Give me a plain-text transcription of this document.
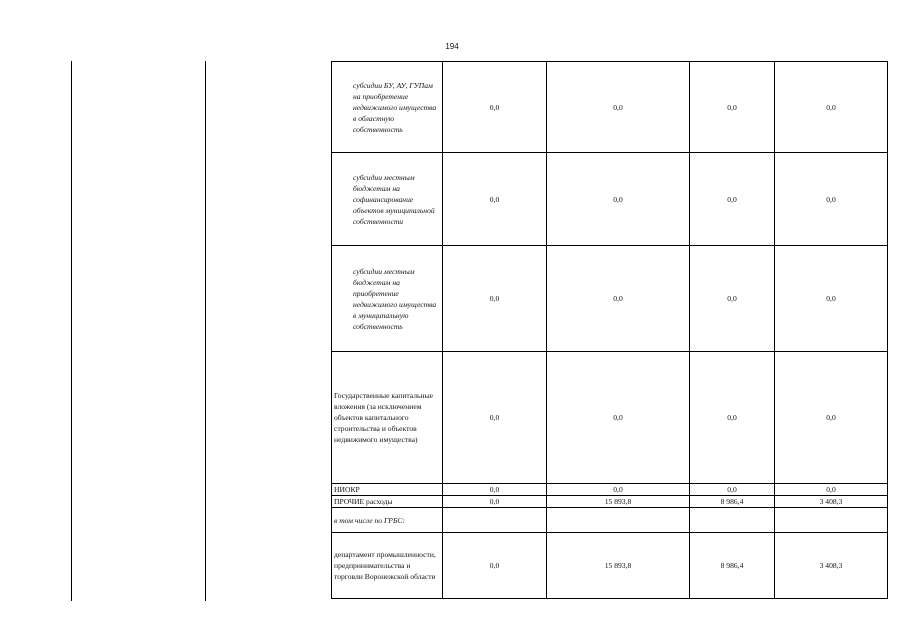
194
субсидии БУ, АУ, ГУПам на приобретение недвижимого имущества в областную собственность	0,0	0,0	0,0	0,0
субсидии местным бюджетам на софинансирование объектов муниципальной собственности	0,0	0,0	0,0	0,0
субсидии местным бюджетам на приобретение недвижимого имущества в муниципальную собственность	0,0	0,0	0,0	0,0
Государственные капитальные вложения (за исключением объектов капитального строительства и объектов недвижимого имущества)	0,0	0,0	0,0	0,0
НИОКР	0,0	0,0	0,0	0,0
ПРОЧИЕ расходы	0,0	15 893,8	8 986,4	3 408,3
в том числе по ГРБС:				
департамент промышленности, предпринимательства и торговли Воронежской области	0,0	15 893,8	8 986,4	3 408,3
